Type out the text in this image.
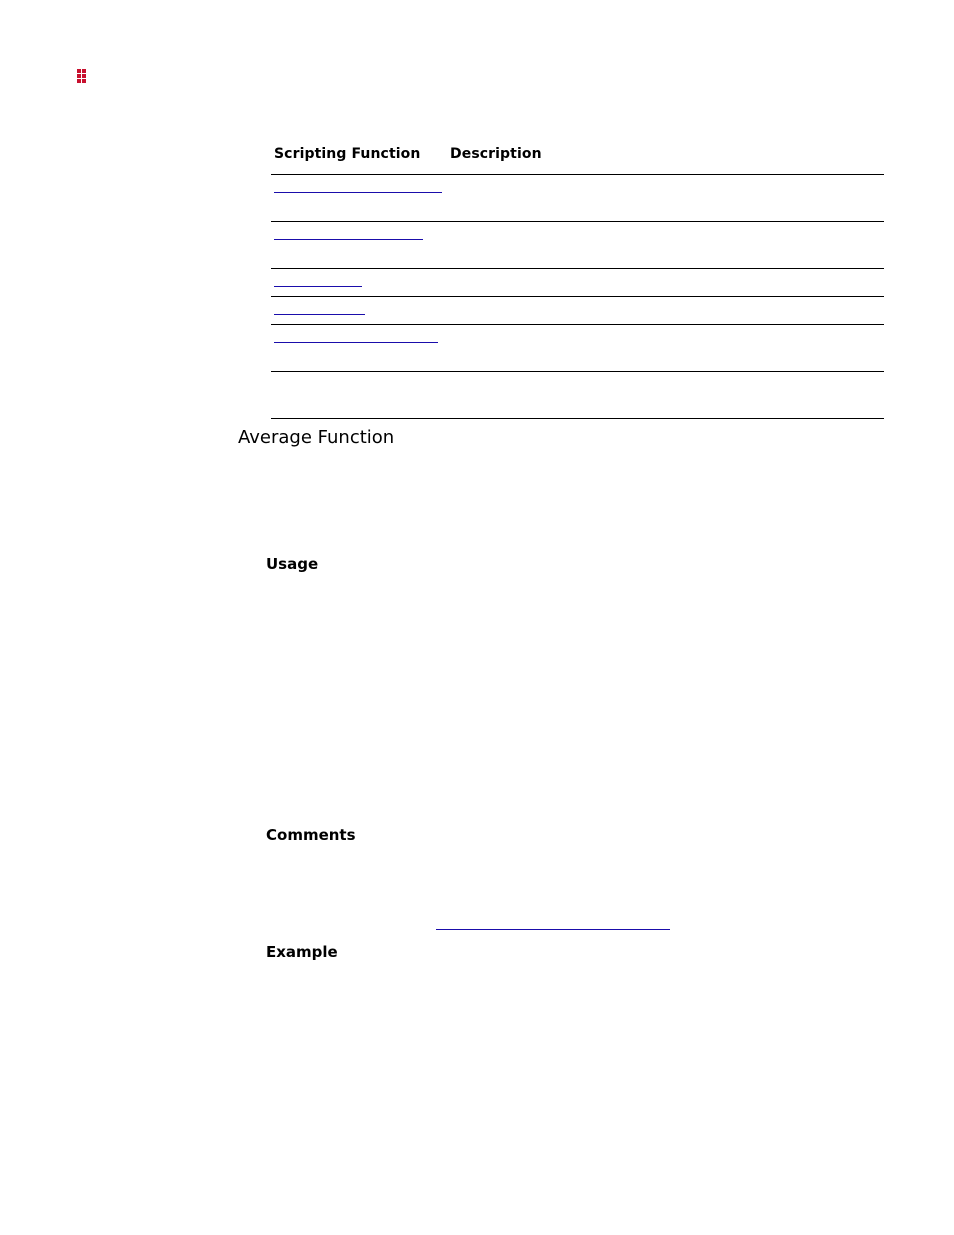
Scripting Function Description
Average Function
Usage
Comments
Example
